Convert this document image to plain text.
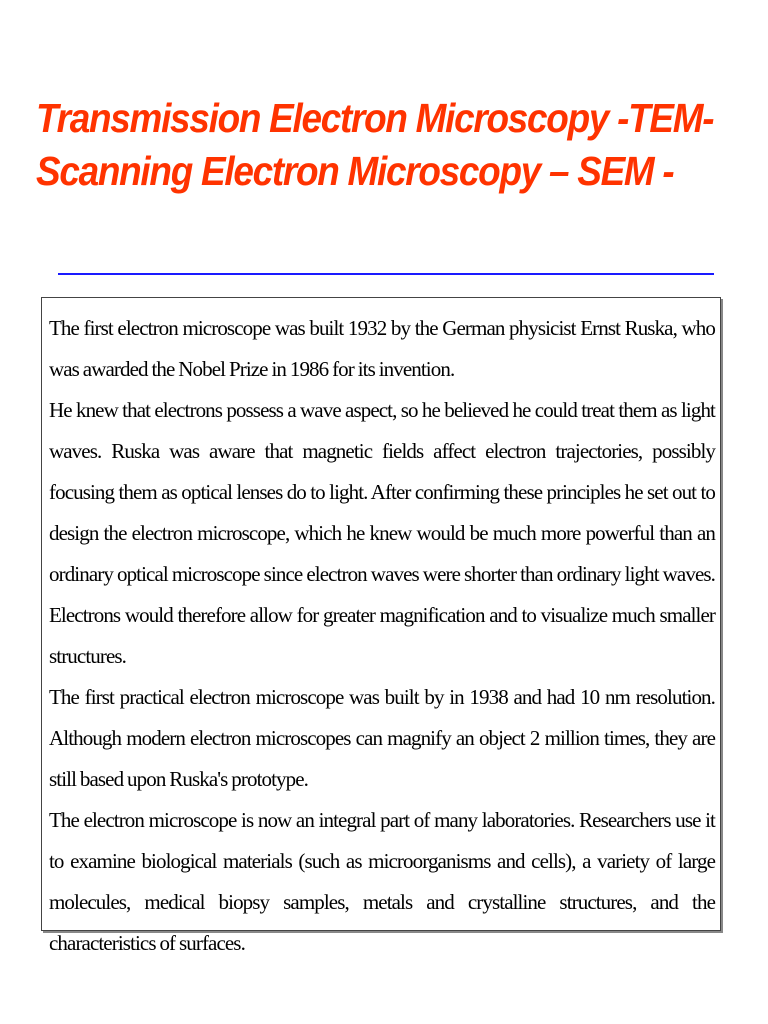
Transmission Electron Microscopy -TEM-
Scanning Electron Microscopy – SEM -

The first electron microscope was built 1932 by the German physicist Ernst Ruska, who was awarded the Nobel Prize in 1986 for its invention.

He knew that electrons possess a wave aspect, so he believed he could treat them as light waves. Ruska was aware that magnetic fields affect electron trajectories, possibly focusing them as optical lenses do to light. After confirming these principles he set out to design the electron microscope, which he knew would be much more powerful than an ordinary optical microscope since electron waves were shorter than ordinary light waves. Electrons would therefore allow for greater magnification and to visualize much smaller structures.

The first practical electron microscope was built by in 1938 and had 10 nm resolution. Although modern electron microscopes can magnify an object 2 million times, they are still based upon Ruska's prototype.

The electron microscope is now an integral part of many laboratories. Researchers use it to examine biological materials (such as microorganisms and cells), a variety of large molecules, medical biopsy samples, metals and crystalline structures, and the characteristics of surfaces.
